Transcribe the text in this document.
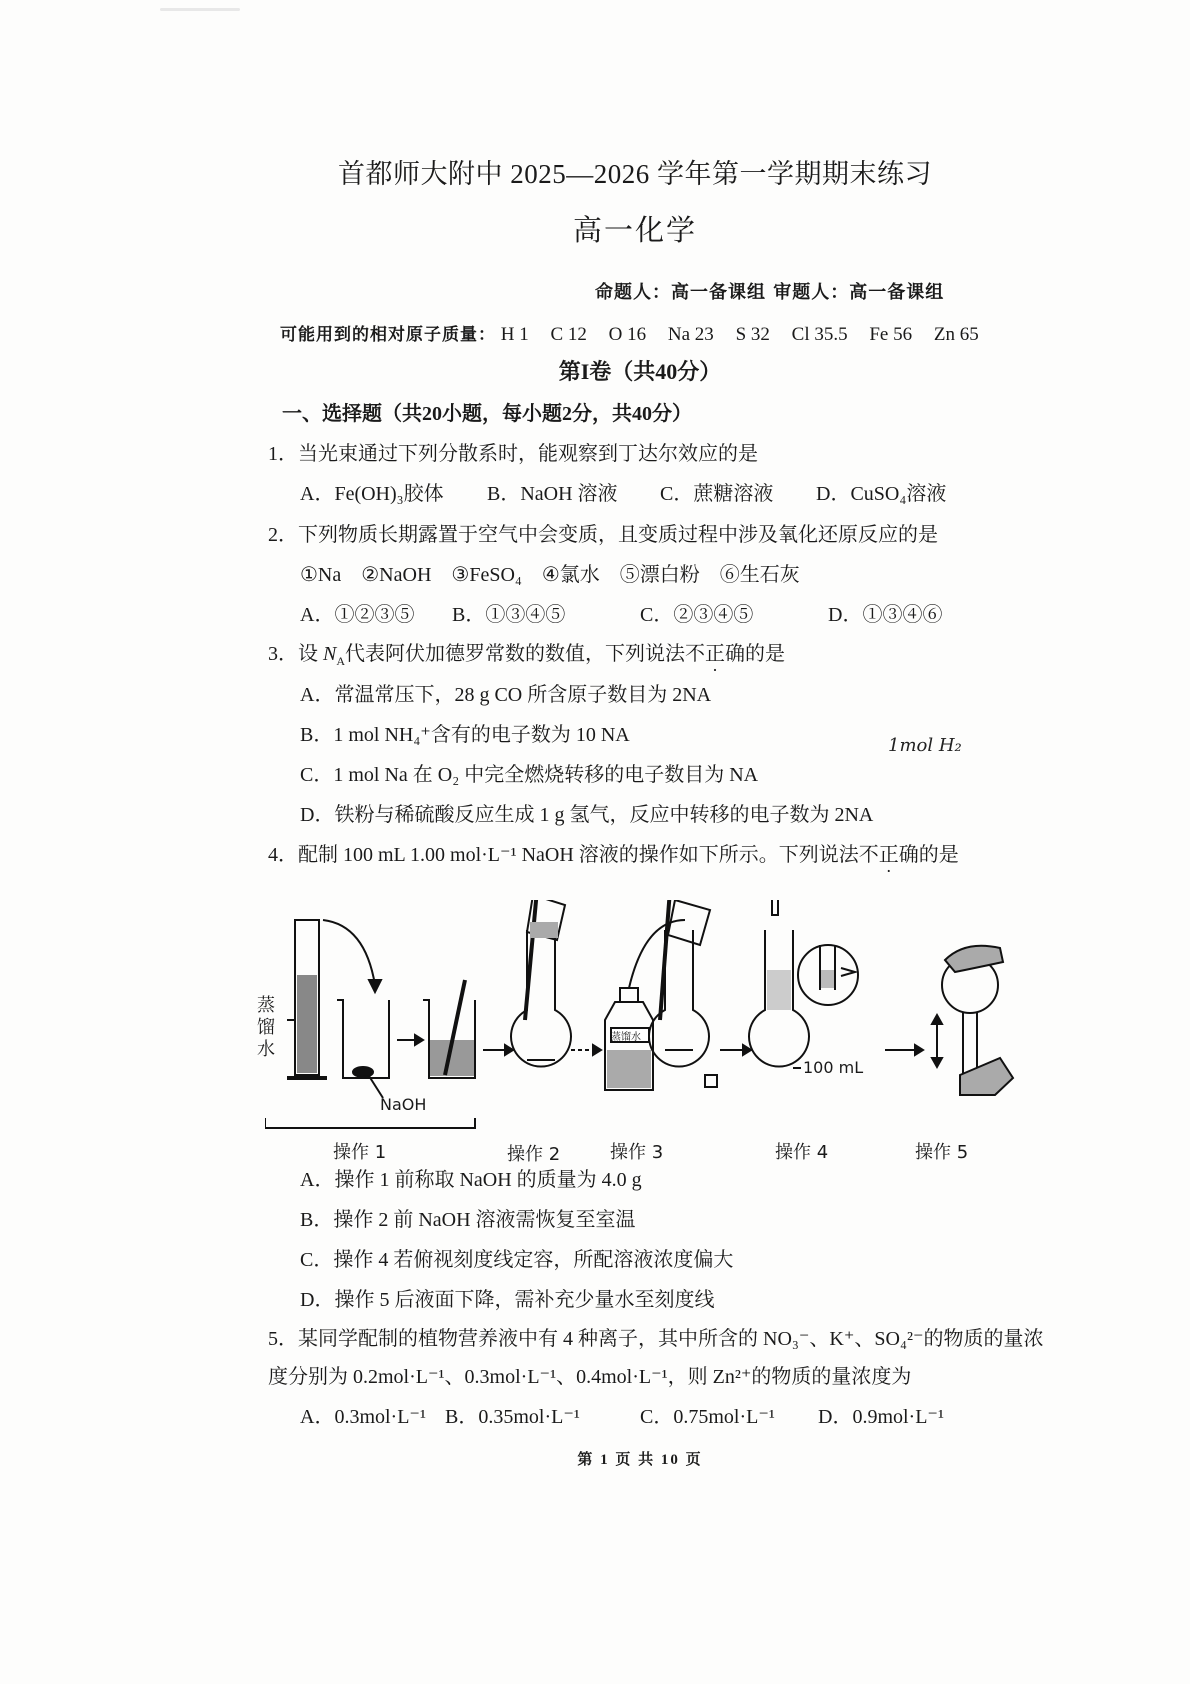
首都师大附中 2025—2026 学年第一学期期末练习
高一化学
命题人：高一备课组 审题人：高一备课组
可能用到的相对原子质量： H 1 C 12 O 16 Na 23 S 32 Cl 35.5 Fe 56 Zn 65
第I卷（共40分）
一、选择题（共20小题，每小题2分，共40分）
1．当光束通过下列分散系时，能观察到丁达尔效应的是
A．Fe(OH)₃胶体 B．NaOH 溶液 C．蔗糖溶液 D．CuSO₄溶液
2．下列物质长期露置于空气中会变质，且变质过程中涉及氧化还原反应的是
①Na　②NaOH　③FeSO₄　④氯水　⑤漂白粉　⑥生石灰
A．①②③⑤ B．①③④⑤	C．②③④⑤	D．①③④⑥
3．设 $N_A$代表阿伏加德罗常数的数值，下列说法不正确的是
A．常温常压下，28 g CO 所含原子数目为 2NA
B．1 mol NH₄⁺含有的电子数为 10 NA
C．1 mol Na 在 O₂ 中完全燃烧转移的电子数目为 NA
D．铁粉与稀硫酸反应生成 1 g 氢气，反应中转移的电子数为 2NA
1mol H₂
4．配制 100 mL 1.00 mol·L⁻¹ NaOH 溶液的操作如下所示。下列说法不正确的是
蒸
馏
水
NaOH
蒸馏水
100 mL
操作 1	操作 2	操作 3	操作 4	操作 5
A．操作 1 前称取 NaOH 的质量为 4.0 g
B．操作 2 前 NaOH 溶液需恢复至室温
C．操作 4 若俯视刻度线定容，所配溶液浓度偏大
D．操作 5 后液面下降，需补充少量水至刻度线
5．某同学配制的植物营养液中有 4 种离子，其中所含的 NO₃⁻、K⁺、SO₄²⁻的物质的量浓
度分别为 0.2mol·L⁻¹、0.3mol·L⁻¹、0.4mol·L⁻¹，则 Zn²⁺的物质的量浓度为
A．0.3mol·L⁻¹ B．0.35mol·L⁻¹	C．0.75mol·L⁻¹ D．0.9mol·L⁻¹
第 1 页 共 10 页
